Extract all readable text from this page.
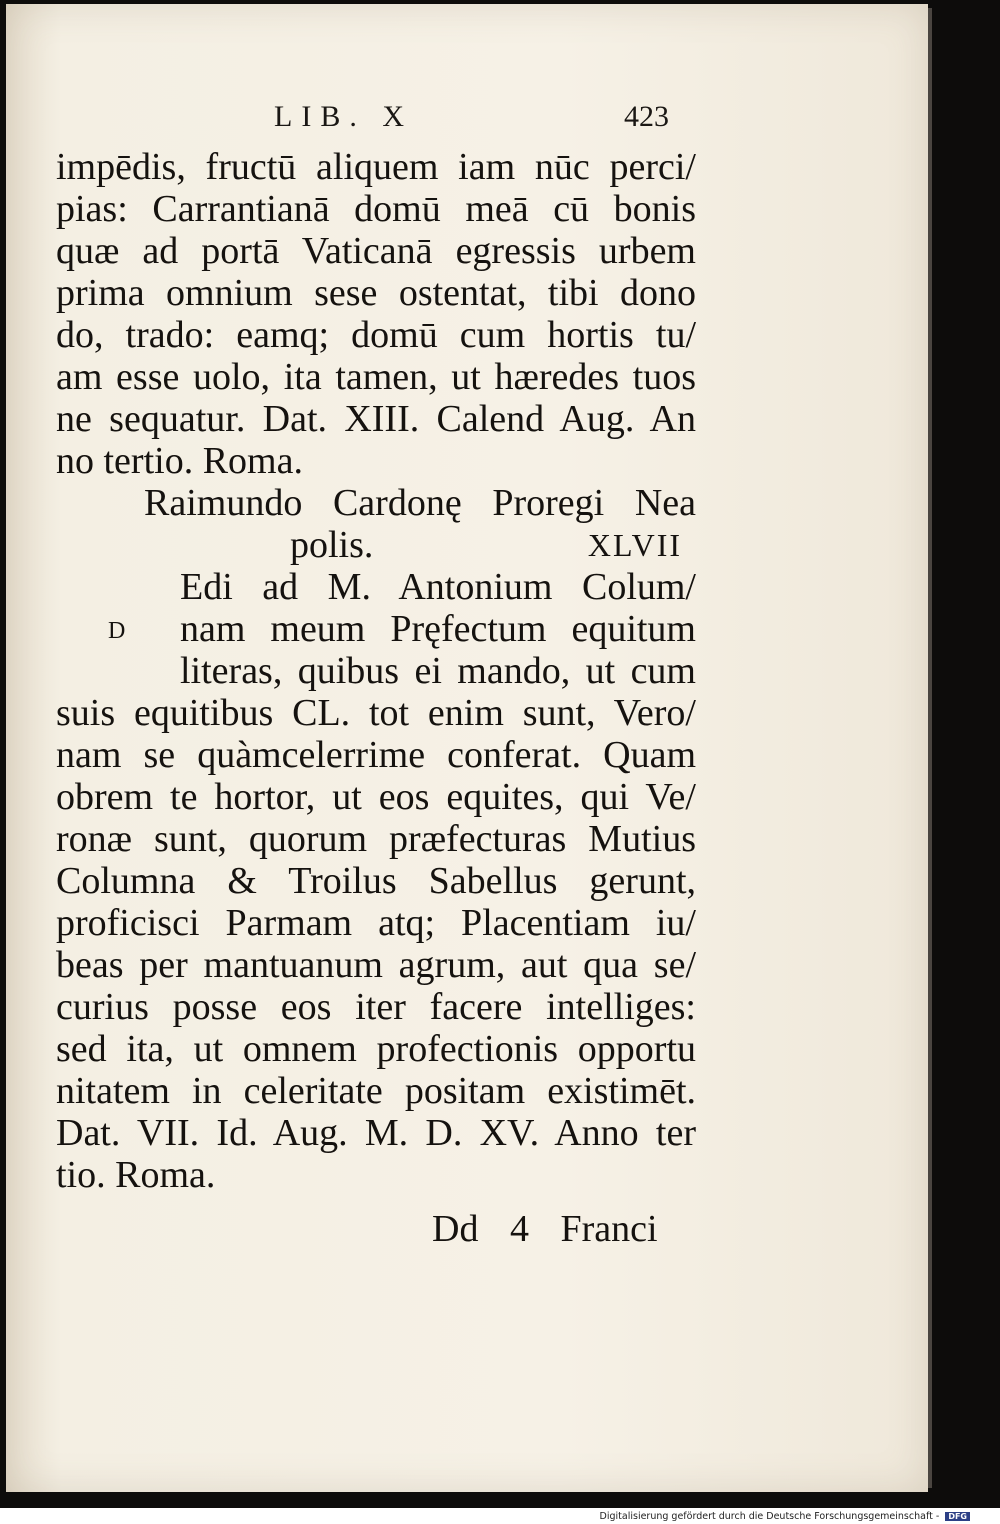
LIB. X	423
impēdis, fructū aliquem iam nūc perci/
pias: Carrantianā domū meā cū bonis
quæ ad portā Vaticanā egressis urbem
prima omnium sese ostentat, tibi dono
do, trado: eamq; domū cum hortis tu/
am esse uolo, ita tamen, ut hæredes tuos
ne sequatur. Dat. XIII. Calend Aug. An
no tertio. Roma.
Raimundo Cardonę Proregi Nea
polis.	XLVII
Edi ad M. Antonium Colum/
D nam meum Pręfectum equitum
literas, quibus ei mando, ut cum
suis equitibus CL. tot enim sunt, Vero/
nam se quàmcelerrime conferat. Quam
obrem te hortor, ut eos equites, qui Ve/
ronæ sunt, quorum præfecturas Mutius
Columna & Troilus Sabellus gerunt,
proficisci Parmam atq; Placentiam iu/
beas per mantuanum agrum, aut qua se/
curius posse eos iter facere intelliges:
sed ita, ut omnem profectionis opportu
nitatem in celeritate positam existimēt.
Dat. VII. Id. Aug. M. D. XV. Anno ter
tio. Roma.
Dd 4 Franci
Digitalisierung gefördert durch die Deutsche Forschungsgemeinschaft - DFG
